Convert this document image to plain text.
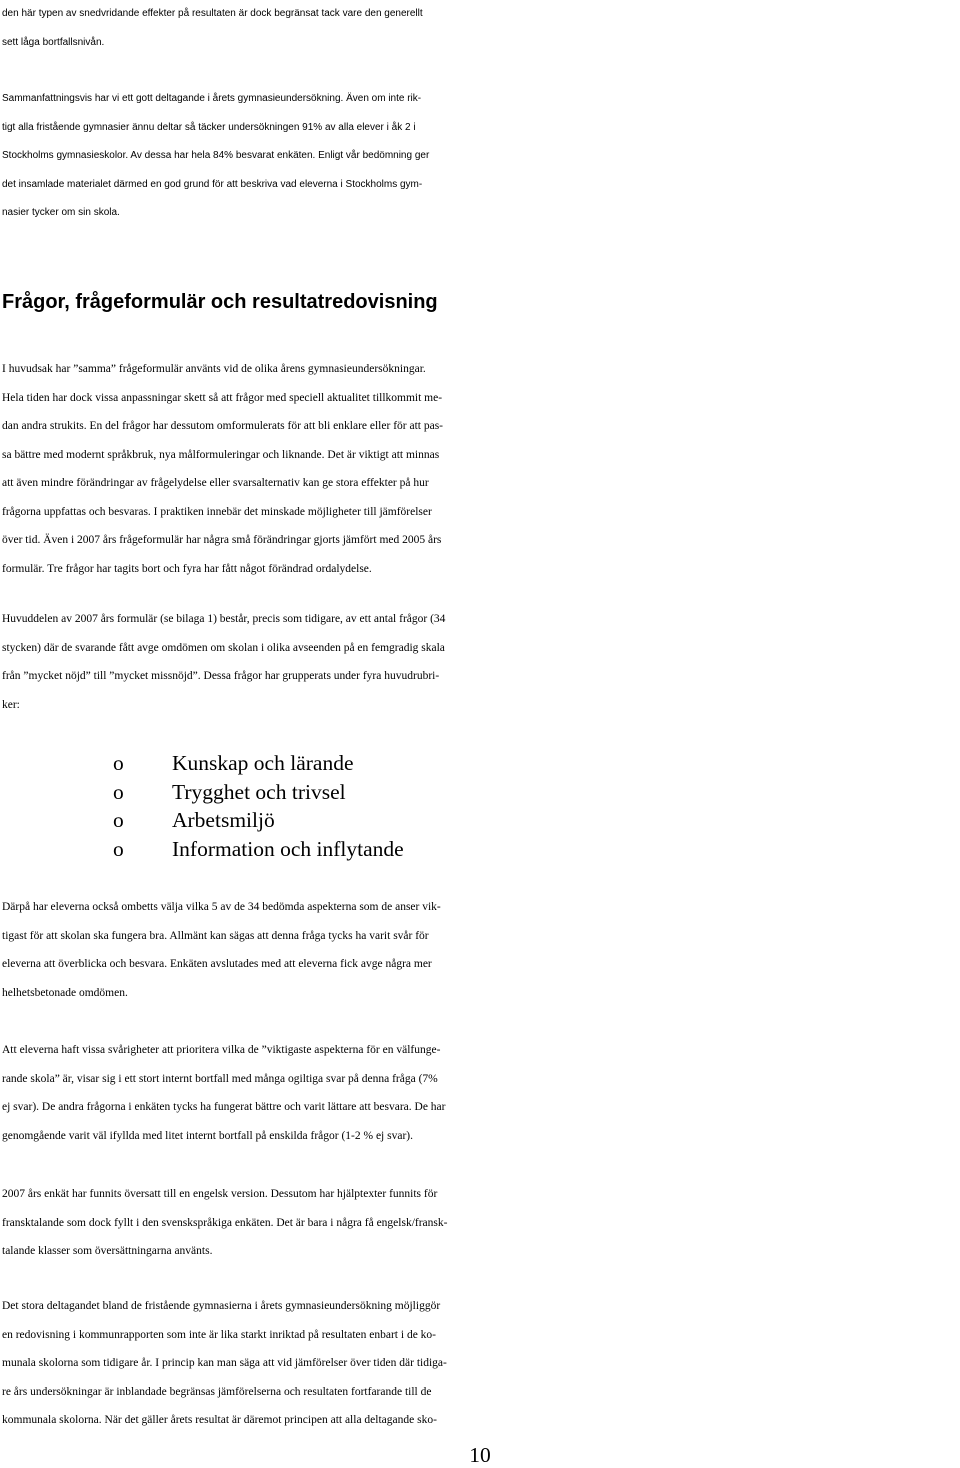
den här typen av snedvridande effekter på resultaten är dock begränsat tack vare den generellt
sett låga bortfallsnivån.
Sammanfattningsvis har vi ett gott deltagande i årets gymnasieundersökning. Även om inte rik-
tigt alla fristående gymnasier ännu deltar så täcker undersökningen 91% av alla elever i åk 2 i
Stockholms gymnasieskolor. Av dessa har hela 84% besvarat enkäten. Enligt vår bedömning ger
det insamlade materialet därmed en god grund för att beskriva vad eleverna i Stockholms gym-
nasier tycker om sin skola.
Frågor, frågeformulär och resultatredovisning
I huvudsak har ”samma” frågeformulär använts vid de olika årens gymnasieundersökningar.
Hela tiden har dock vissa anpassningar skett så att frågor med speciell aktualitet tillkommit me-
dan andra strukits. En del frågor har dessutom omformulerats för att bli enklare eller för att pas-
sa bättre med modernt språkbruk, nya målformuleringar och liknande. Det är viktigt att minnas
att även mindre förändringar av frågelydelse eller svarsalternativ kan ge stora effekter på hur
frågorna uppfattas och besvaras. I praktiken innebär det minskade möjligheter till jämförelser
över tid. Även i 2007 års frågeformulär har några små förändringar gjorts jämfört med 2005 års
formulär. Tre frågor har tagits bort och fyra har fått något förändrad ordalydelse.
Huvuddelen av 2007 års formulär (se bilaga 1) består, precis som tidigare, av ett antal frågor (34
stycken) där de svarande fått avge omdömen om skolan i olika avseenden på en femgradig skala
från ”mycket nöjd” till ”mycket missnöjd”. Dessa frågor har grupperats under fyra huvudrubri-
ker:
o Kunskap och lärande
o Trygghet och trivsel
o Arbetsmiljö
o Information och inflytande
Därpå har eleverna också ombetts välja vilka 5 av de 34 bedömda aspekterna som de anser vik-
tigast för att skolan ska fungera bra. Allmänt kan sägas att denna fråga tycks ha varit svår för
eleverna att överblicka och besvara. Enkäten avslutades med att eleverna fick avge några mer
helhetsbetonade omdömen.
Att eleverna haft vissa svårigheter att prioritera vilka de ”viktigaste aspekterna för en välfunge-
rande skola” är, visar sig i ett stort internt bortfall med många ogiltiga svar på denna fråga (7%
ej svar). De andra frågorna i enkäten tycks ha fungerat bättre och varit lättare att besvara. De har
genomgående varit väl ifyllda med litet internt bortfall på enskilda frågor (1-2 % ej svar).
2007 års enkät har funnits översatt till en engelsk version. Dessutom har hjälptexter funnits för
fransktalande som dock fyllt i den svenskspråkiga enkäten. Det är bara i några få engelsk/fransk-
talande klasser som översättningarna använts.
Det stora deltagandet bland de fristående gymnasierna i årets gymnasieundersökning möjliggör
en redovisning i kommunrapporten som inte är lika starkt inriktad på resultaten enbart i de ko-
munala skolorna som tidigare år. I princip kan man säga att vid jämförelser över tiden där tidiga-
re års undersökningar är inblandade begränsas jämförelserna och resultaten fortfarande till de
kommunala skolorna. När det gäller årets resultat är däremot principen att alla deltagande sko-
10
